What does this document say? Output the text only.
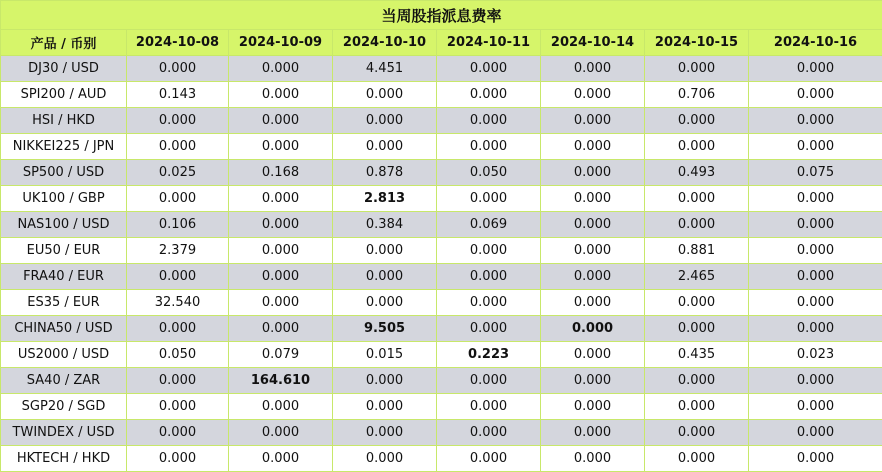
当周股指派息费率							
产品 / 币别	2024-10-08	2024-10-09	2024-10-10	2024-10-11	2024-10-14	2024-10-15	2024-10-16
DJ30 / USD	0.000	0.000	4.451	0.000	0.000	0.000	0.000
SPI200 / AUD	0.143	0.000	0.000	0.000	0.000	0.706	0.000
HSI / HKD	0.000	0.000	0.000	0.000	0.000	0.000	0.000
NIKKEI225 / JPN	0.000	0.000	0.000	0.000	0.000	0.000	0.000
SP500 / USD	0.025	0.168	0.878	0.050	0.000	0.493	0.075
UK100 / GBP	0.000	0.000	2.813	0.000	0.000	0.000	0.000
NAS100 / USD	0.106	0.000	0.384	0.069	0.000	0.000	0.000
EU50 / EUR	2.379	0.000	0.000	0.000	0.000	0.881	0.000
FRA40 / EUR	0.000	0.000	0.000	0.000	0.000	2.465	0.000
ES35 / EUR	32.540	0.000	0.000	0.000	0.000	0.000	0.000
CHINA50 / USD	0.000	0.000	9.505	0.000	0.000	0.000	0.000
US2000 / USD	0.050	0.079	0.015	0.223	0.000	0.435	0.023
SA40 / ZAR	0.000	164.610	0.000	0.000	0.000	0.000	0.000
SGP20 / SGD	0.000	0.000	0.000	0.000	0.000	0.000	0.000
TWINDEX / USD	0.000	0.000	0.000	0.000	0.000	0.000	0.000
HKTECH / HKD	0.000	0.000	0.000	0.000	0.000	0.000	0.000
